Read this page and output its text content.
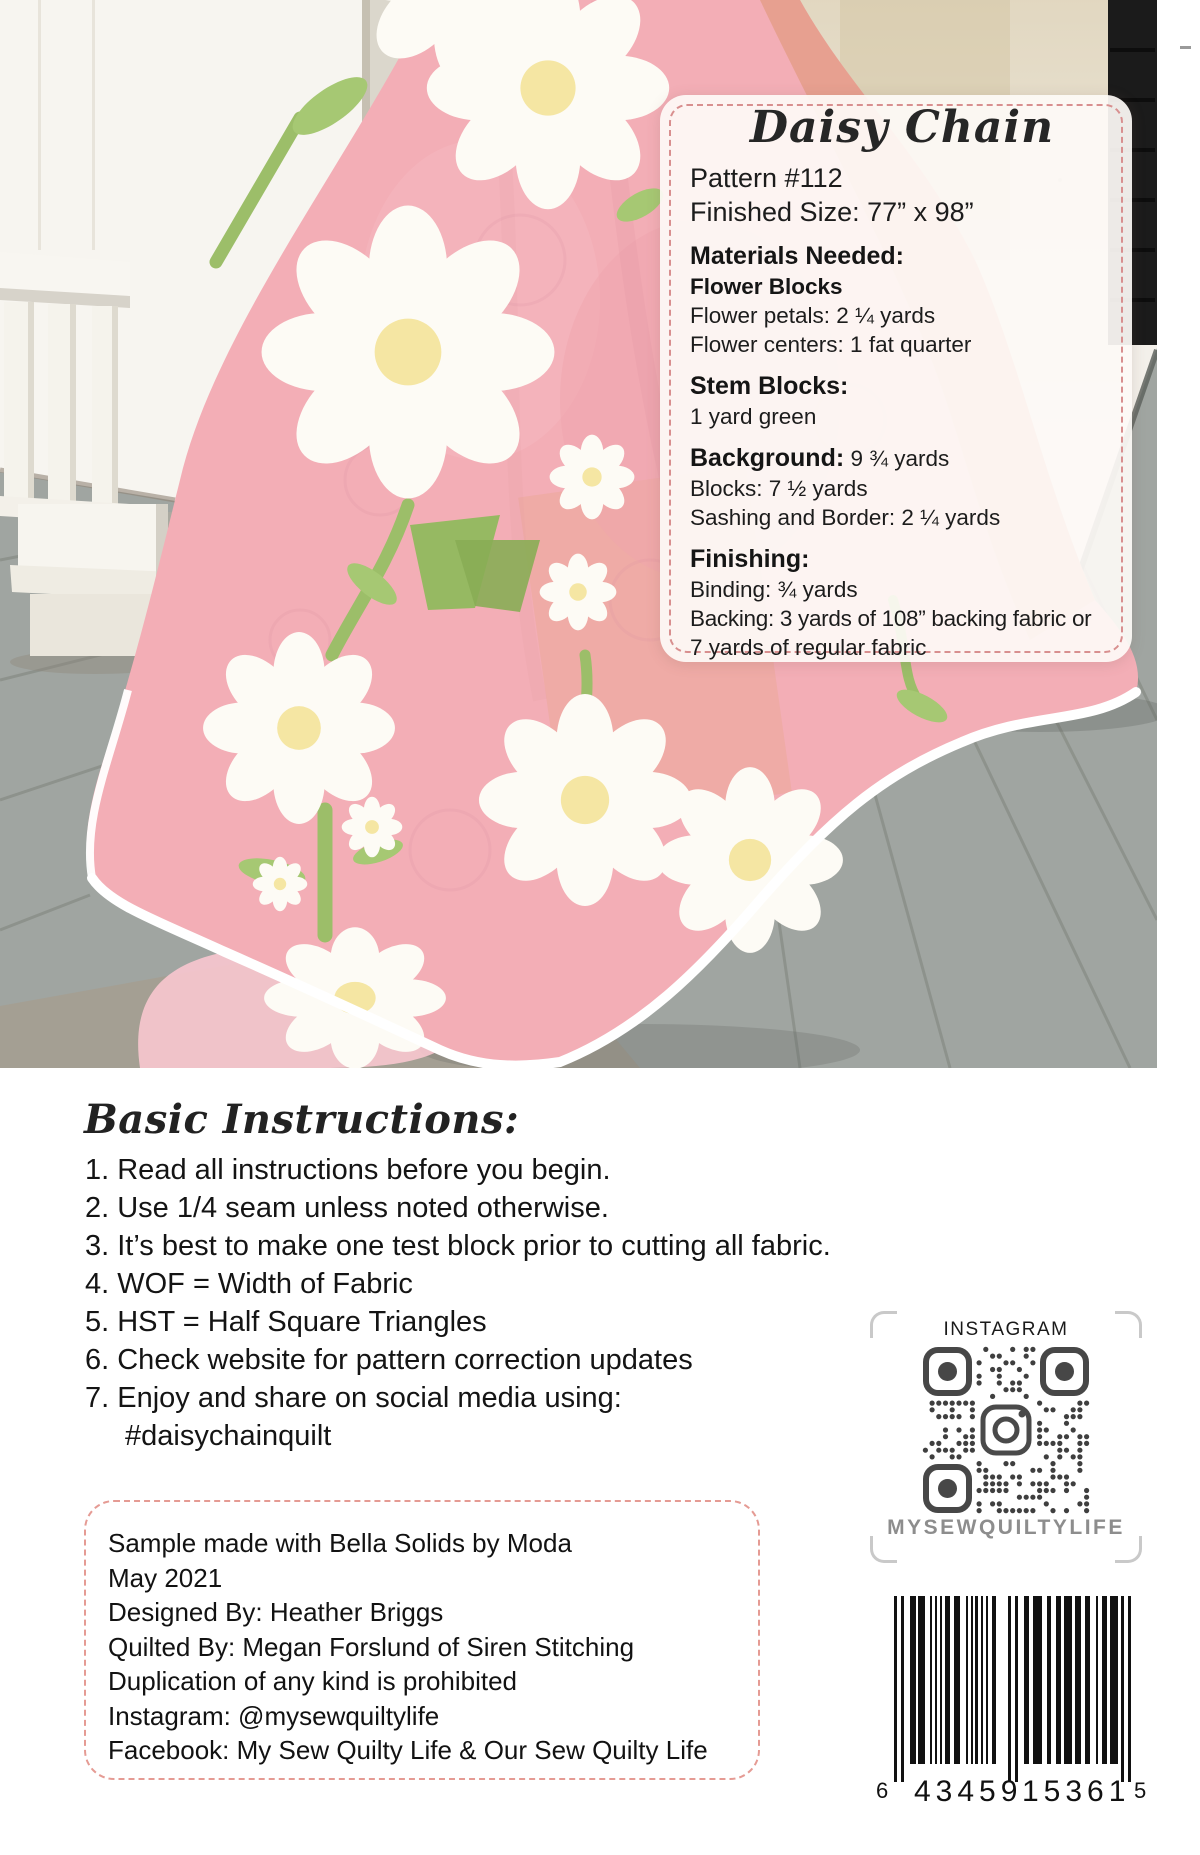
Daisy Chain
Pattern #112
Finished Size: 77” x 98”
Materials Needed:
Flower Blocks
Flower petals: 2 ¼ yards
Flower centers: 1 fat quarter
Stem Blocks:
1 yard green
Background: 9 ¾ yards
Blocks: 7 ½ yards
Sashing and Border: 2 ¼ yards
Finishing:
Binding: ¾ yards
Backing: 3 yards of 108” backing fabric or
7 yards of regular fabric
Basic Instructions:
1. Read all instructions before you begin.
2. Use 1/4 seam unless noted otherwise.
3. It’s best to make one test block prior to cutting all fabric.
4. WOF = Width of Fabric
5. HST = Half Square Triangles
6. Check website for pattern correction updates
7. Enjoy and share on social media using:
#daisychainquilt
INSTAGRAM
MYSEWQUILTYLIFE
Sample made with Bella Solids by Moda
May 2021
Designed By: Heather Briggs
Quilted By: Megan Forslund of Siren Stitching
Duplication of any kind is prohibited
Instagram: @mysewquiltylife
Facebook: My Sew Quilty Life & Our Sew Quilty Life
6 43459 15361 5
